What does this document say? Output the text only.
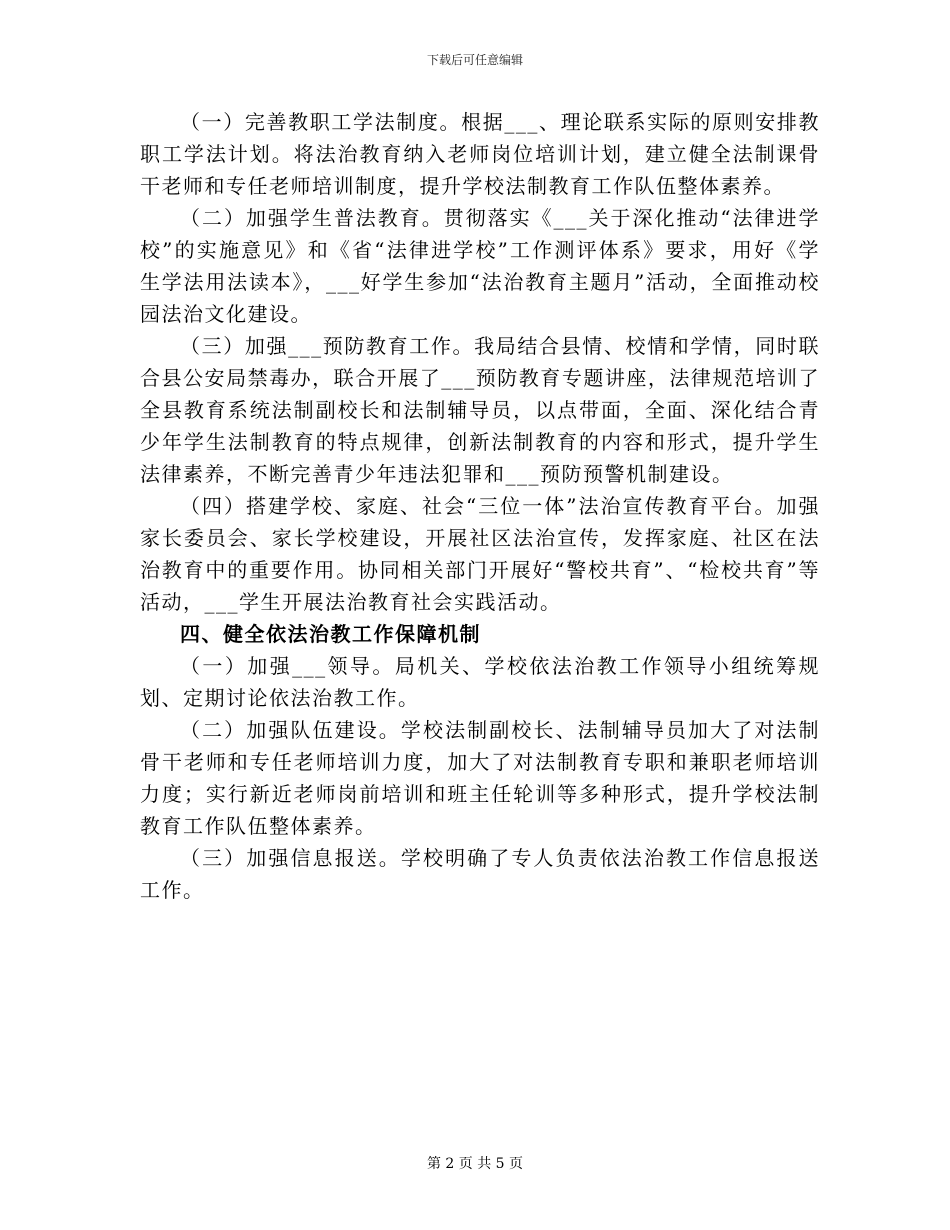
下载后可任意编辑

（一）完善教职工学法制度。根据___、理论联系实际的原则安排教职工学法计划。将法治教育纳入老师岗位培训计划，建立健全法制课骨干老师和专任老师培训制度，提升学校法制教育工作队伍整体素养。

（二）加强学生普法教育。贯彻落实《___关于深化推动“法律进学校”的实施意见》和《省“法律进学校”工作测评体系》要求，用好《学生学法用法读本》，___好学生参加“法治教育主题月”活动，全面推动校园法治文化建设。

（三）加强___预防教育工作。我局结合县情、校情和学情，同时联合县公安局禁毒办，联合开展了___预防教育专题讲座，法律规范培训了全县教育系统法制副校长和法制辅导员，以点带面，全面、深化结合青少年学生法制教育的特点规律，创新法制教育的内容和形式，提升学生法律素养，不断完善青少年违法犯罪和___预防预警机制建设。

（四）搭建学校、家庭、社会“三位一体”法治宣传教育平台。加强家长委员会、家长学校建设，开展社区法治宣传，发挥家庭、社区在法治教育中的重要作用。协同相关部门开展好“警校共育”、“检校共育”等活动，___学生开展法治教育社会实践活动。

四、健全依法治教工作保障机制

（一）加强___领导。局机关、学校依法治教工作领导小组统筹规划、定期讨论依法治教工作。

（二）加强队伍建设。学校法制副校长、法制辅导员加大了对法制骨干老师和专任老师培训力度，加大了对法制教育专职和兼职老师培训力度；实行新近老师岗前培训和班主任轮训等多种形式，提升学校法制教育工作队伍整体素养。

（三）加强信息报送。学校明确了专人负责依法治教工作信息报送工作。

第 2 页 共 5 页
